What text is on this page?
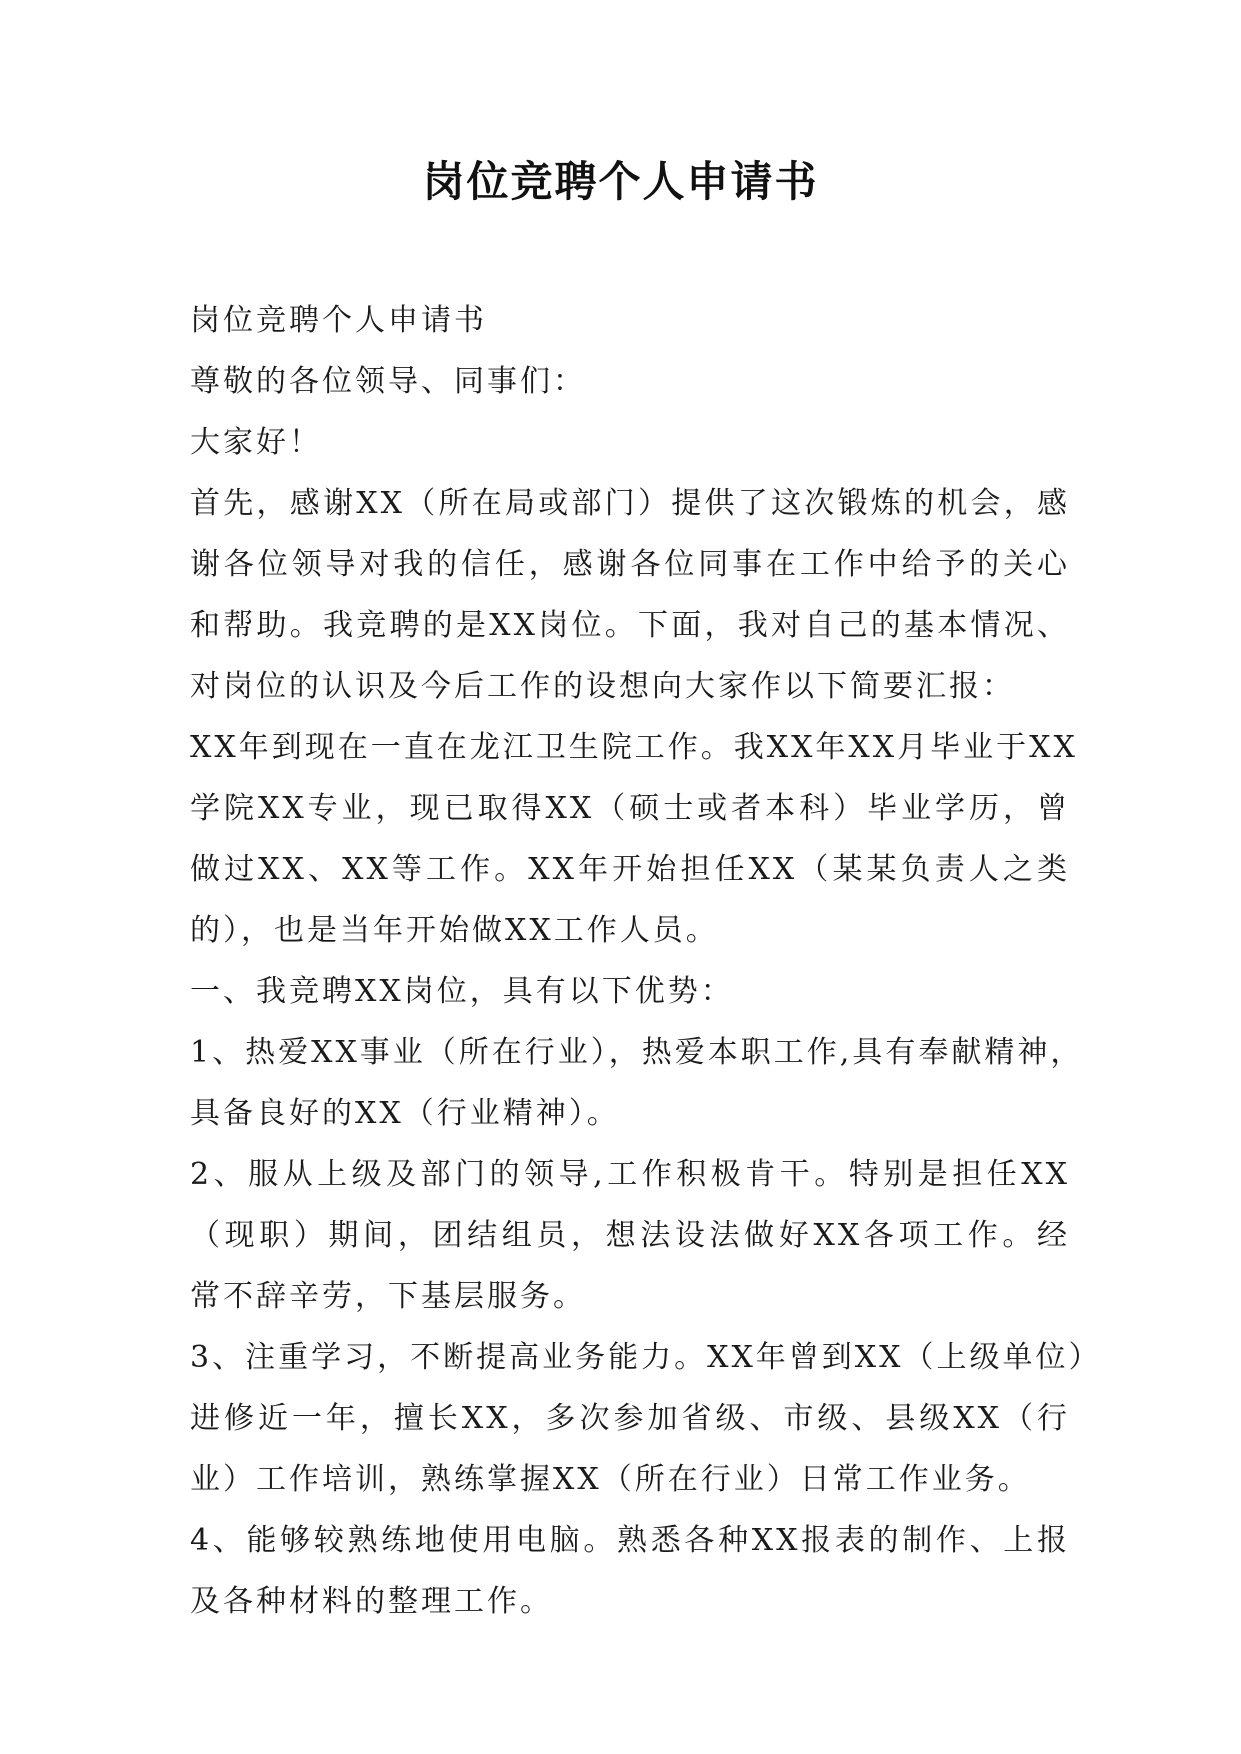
岗位竞聘个人申请书
岗位竞聘个人申请书
尊敬的各位领导、同事们：
大家好！
首先，感谢XX（所在局或部门）提供了这次锻炼的机会，感
谢各位领导对我的信任，感谢各位同事在工作中给予的关心
和帮助。我竞聘的是XX岗位。下面，我对自己的基本情况、
对岗位的认识及今后工作的设想向大家作以下简要汇报：
XX年到现在一直在龙江卫生院工作。我XX年XX月毕业于XX
学院XX专业，现已取得XX（硕士或者本科）毕业学历，曾
做过XX、XX等工作。XX年开始担任XX（某某负责人之类
的），也是当年开始做XX工作人员。
一、我竞聘XX岗位，具有以下优势：
1、热爱XX事业（所在行业），热爱本职工作,具有奉献精神，
具备良好的XX（行业精神）。
2、服从上级及部门的领导,工作积极肯干。特别是担任XX
（现职）期间，团结组员，想法设法做好XX各项工作。经
常不辞辛劳，下基层服务。
3、注重学习，不断提高业务能力。XX年曾到XX（上级单位）
进修近一年，擅长XX，多次参加省级、市级、县级XX（行
业）工作培训，熟练掌握XX（所在行业）日常工作业务。
4、能够较熟练地使用电脑。熟悉各种XX报表的制作、上报
及各种材料的整理工作。
